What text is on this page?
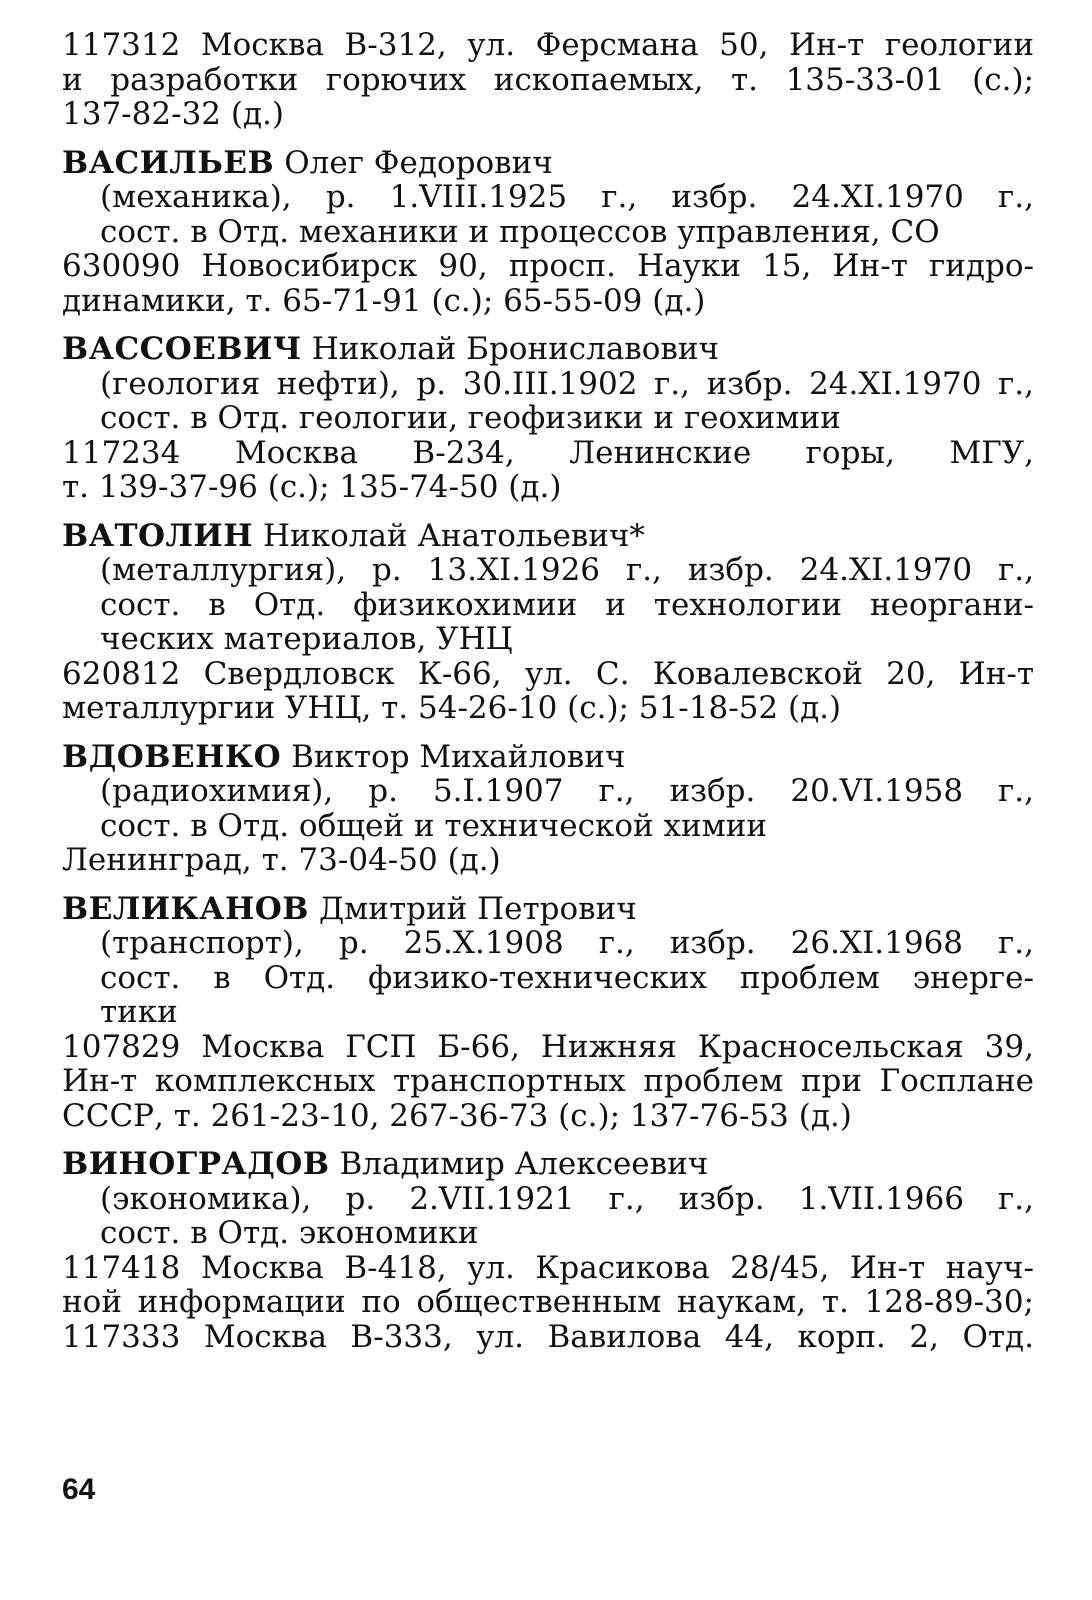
117312 Москва В-312, ул. Ферсмана 50, Ин-т геологии
и разработки горючих ископаемых, т. 135-33-01 (с.);
137-82-32 (д.)
ВАСИЛЬЕВ Олег Федорович
(механика), р. 1.VIII.1925 г., избр. 24.XI.1970 г.,
сост. в Отд. механики и процессов управления, СО
630090 Новосибирск 90, просп. Науки 15, Ин-т гидро-
динамики, т. 65-71-91 (с.); 65-55-09 (д.)
ВАССОЕВИЧ Николай Брониславович
(геология нефти), р. 30.III.1902 г., избр. 24.XI.1970 г.,
сост. в Отд. геологии, геофизики и геохимии
117234 Москва В-234, Ленинские горы, МГУ,
т. 139-37-96 (с.); 135-74-50 (д.)
ВАТОЛИН Николай Анатольевич*
(металлургия), р. 13.XI.1926 г., избр. 24.XI.1970 г.,
сост. в Отд. физикохимии и технологии неоргани-
ческих материалов, УНЦ
620812 Свердловск К-66, ул. С. Ковалевской 20, Ин-т
металлургии УНЦ, т. 54-26-10 (с.); 51-18-52 (д.)
ВДОВЕНКО Виктор Михайлович
(радиохимия), р. 5.I.1907 г., избр. 20.VI.1958 г.,
сост. в Отд. общей и технической химии
Ленинград, т. 73-04-50 (д.)
ВЕЛИКАНОВ Дмитрий Петрович
(транспорт), р. 25.X.1908 г., избр. 26.XI.1968 г.,
сост. в Отд. физико-технических проблем энерге-
тики
107829 Москва ГСП Б-66, Нижняя Красносельская 39,
Ин-т комплексных транспортных проблем при Госплане
СССР, т. 261-23-10, 267-36-73 (с.); 137-76-53 (д.)
ВИНОГРАДОВ Владимир Алексеевич
(экономика), р. 2.VII.1921 г., избр. 1.VII.1966 г.,
сост. в Отд. экономики
117418 Москва В-418, ул. Красикова 28/45, Ин-т науч-
ной информации по общественным наукам, т. 128-89-30;
117333 Москва В-333, ул. Вавилова 44, корп. 2, Отд.
64
